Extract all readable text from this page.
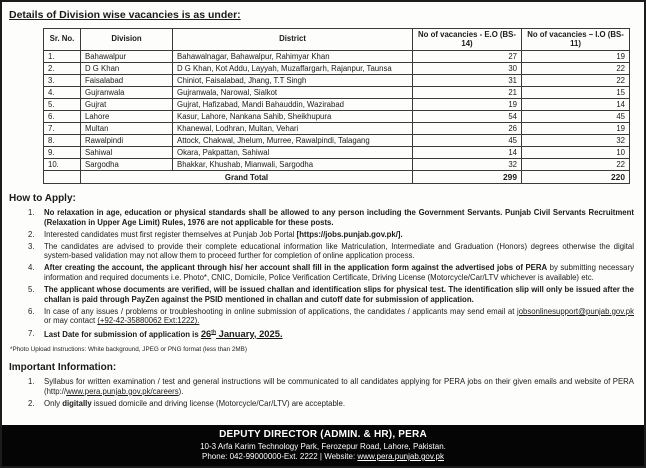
Details of Division wise vacancies is as under:
Sr. No.	Division	District	No of vacancies - E.O (BS-14)	No of vacancies – I.O (BS-11)
1.	Bahawalpur	Bahawalnagar, Bahawalpur, Rahimyar Khan	27	19
2.	D G Khan	D G Khan, Kot Addu, Layyah, Muzaffargarh, Rajanpur, Taunsa	30	22
3.	Faisalabad	Chiniot, Faisalabad, Jhang, T.T Singh	31	22
4.	Gujranwala	Gujranwala, Narowal, Sialkot	21	15
5.	Gujrat	Gujrat, Hafizabad, Mandi Bahauddin, Wazirabad	19	14
6.	Lahore	Kasur, Lahore, Nankana Sahib, Sheikhupura	54	45
7.	Multan	Khanewal, Lodhran, Multan, Vehari	26	19
8.	Rawalpindi	Attock, Chakwal, Jhelum, Murree, Rawalpindi, Talagang	45	32
9.	Sahiwal	Okara, Pakpattan, Sahiwal	14	10
10.	Sargodha	Bhakkar, Khushab, Mianwali, Sargodha	32	22
	Grand Total		299	220
How to Apply:
1.	No relaxation in age, education or physical standards shall be allowed to any person including the Government Servants. Punjab Civil Servants Recruitment (Relaxation in Upper Age Limit) Rules, 1976 are not applicable for these posts.
2.	Interested candidates must first register themselves at Punjab Job Portal [https://jobs.punjab.gov.pk/].
3.	The candidates are advised to provide their complete educational information like Matriculation, Intermediate and Graduation (Honors) degrees otherwise the digital system-based validation may not allow them to proceed further for completion of online application process.
4.	After creating the account, the applicant through his/ her account shall fill in the application form against the advertised jobs of PERA by submitting necessary information and required documents i.e. Photo*, CNIC, Domicile, Police Verification Certificate, Driving License (Motorcycle/Car/LTV whichever is available) etc.
5.	The applicant whose documents are verified, will be issued challan and identification slips for physical test. The identification slip will only be issued after the challan is paid through PayZen against the PSID mentioned in challan and cutoff date for submission of application.
6.	In case of any issues / problems or troubleshooting in online submission of applications, the candidates / applicants may send email at jobsonlinesupport@punjab.gov.pk or may contact (+92-42-35880062 Ext:1222).
7.	Last Date for submission of application is 26th January, 2025.
*Photo Upload Instructions: White background, JPEG or PNG format (less than 2MB)
Important Information:
1.	Syllabus for written examination / test and general instructions will be communicated to all candidates applying for PERA jobs on their given emails and website of PERA (http://www.pera.punjab.gov.pk/careers).
2.	Only digitally issued domicile and driving license (Motorcycle/Car/LTV) are acceptable.
DEPUTY DIRECTOR (ADMIN. & HR), PERA
10-3 Arfa Karim Technology Park, Ferozepur Road, Lahore, Pakistan.
Phone: 042-99000000-Ext. 2222 | Website: www.pera.punjab.gov.pk
